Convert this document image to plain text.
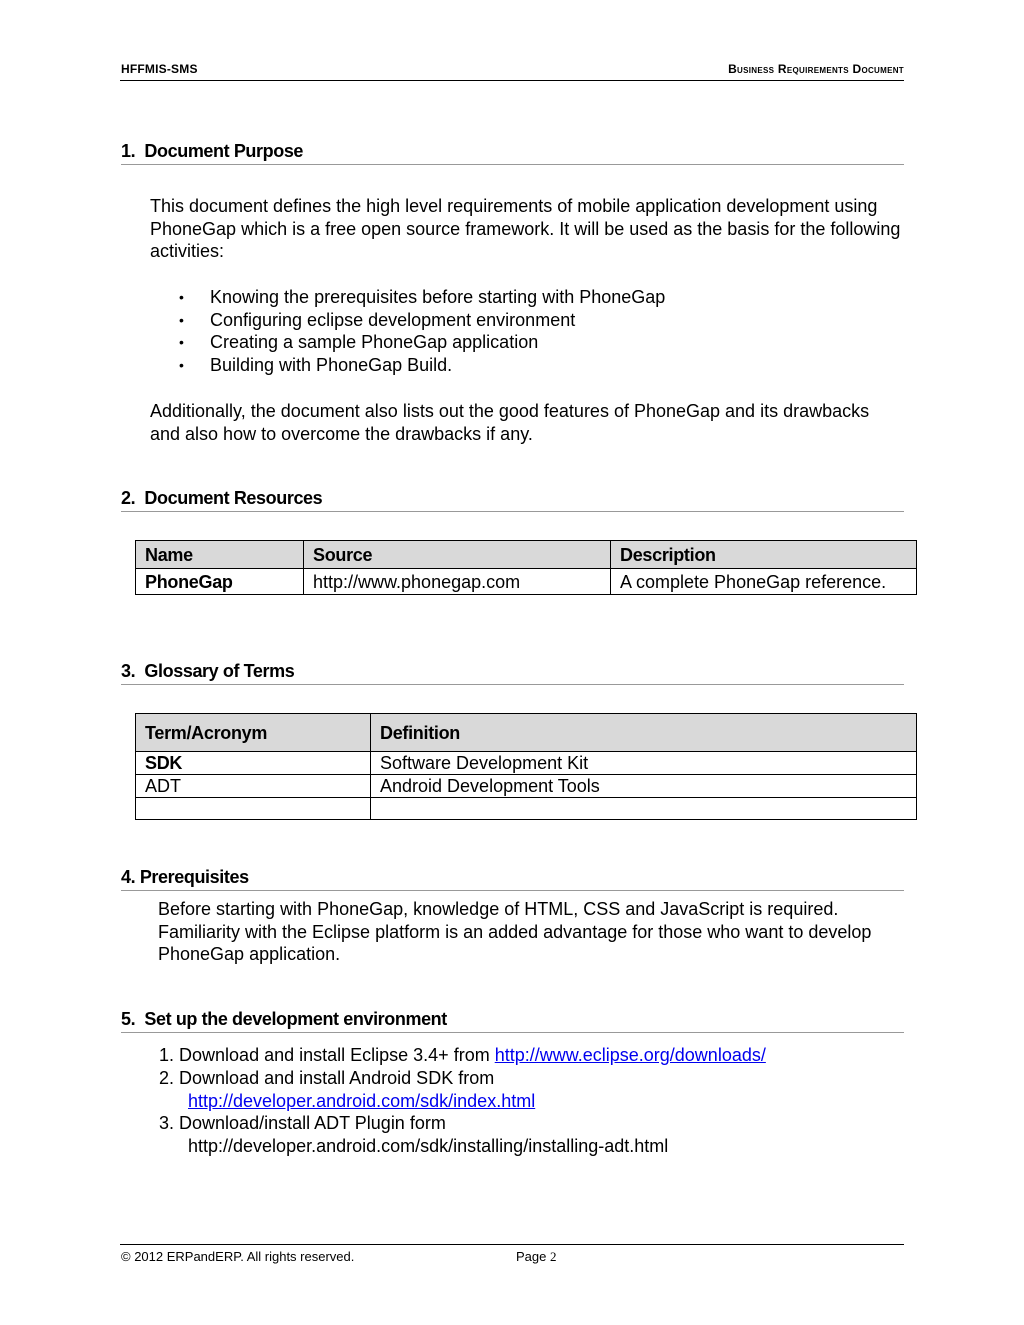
HFFMIS-SMS	Business Requirements Document
1. Document Purpose
This document defines the high level requirements of mobile application development using PhoneGap which is a free open source framework. It will be used as the basis for the following activities:
• Knowing the prerequisites before starting with PhoneGap
• Configuring eclipse development environment
• Creating a sample PhoneGap application
• Building with PhoneGap Build.
Additionally, the document also lists out the good features of PhoneGap and its drawbacks and also how to overcome the drawbacks if any.
2. Document Resources
Name	Source	Description
PhoneGap	http://www.phonegap.com	A complete PhoneGap reference.
3. Glossary of Terms
Term/Acronym	Definition
SDK	Software Development Kit
ADT	Android Development Tools

4. Prerequisites
Before starting with PhoneGap, knowledge of HTML, CSS and JavaScript is required. Familiarity with the Eclipse platform is an added advantage for those who want to develop PhoneGap application.
5. Set up the development environment
1. Download and install Eclipse 3.4+ from http://www.eclipse.org/downloads/
2. Download and install Android SDK from
http://developer.android.com/sdk/index.html
3. Download/install ADT Plugin form
http://developer.android.com/sdk/installing/installing-adt.html
© 2012 ERPandERP. All rights reserved.	Page 2
